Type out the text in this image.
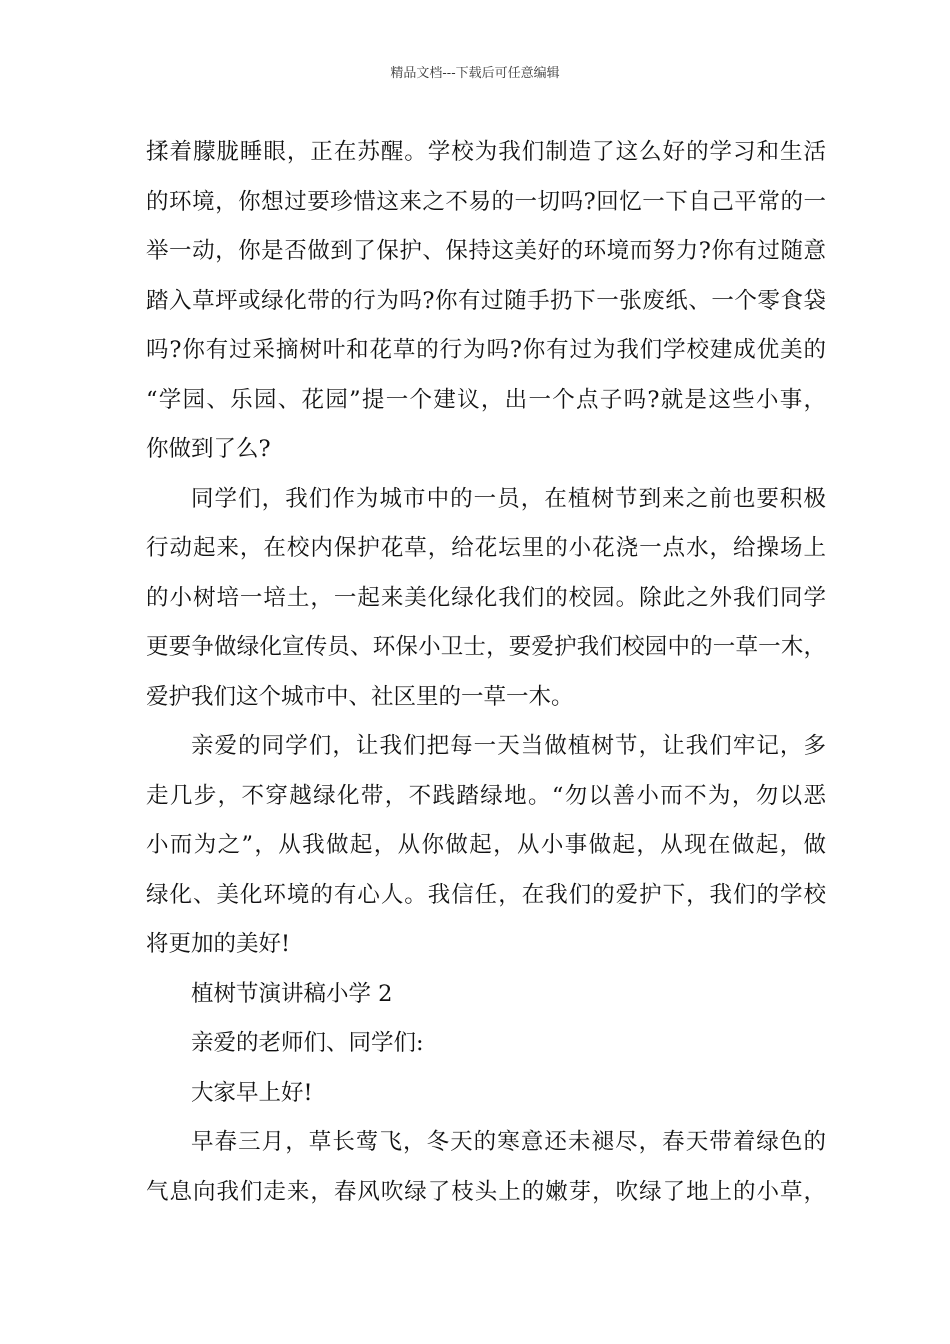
精品文档---下载后可任意编辑
揉着朦胧睡眼，正在苏醒。学校为我们制造了这么好的学习和生活
的环境，你想过要珍惜这来之不易的一切吗?回忆一下自己平常的一
举一动，你是否做到了保护、保持这美好的环境而努力?你有过随意
踏入草坪或绿化带的行为吗?你有过随手扔下一张废纸、一个零食袋
吗?你有过采摘树叶和花草的行为吗?你有过为我们学校建成优美的
“学园、乐园、花园”提一个建议，出一个点子吗?就是这些小事，
你做到了么?
同学们，我们作为城市中的一员，在植树节到来之前也要积极
行动起来，在校内保护花草，给花坛里的小花浇一点水，给操场上
的小树培一培土，一起来美化绿化我们的校园。除此之外我们同学
更要争做绿化宣传员、环保小卫士，要爱护我们校园中的一草一木，
爱护我们这个城市中、社区里的一草一木。
亲爱的同学们，让我们把每一天当做植树节，让我们牢记，多
走几步，不穿越绿化带，不践踏绿地。“勿以善小而不为，勿以恶
小而为之”，从我做起，从你做起，从小事做起，从现在做起，做
绿化、美化环境的有心人。我信任，在我们的爱护下，我们的学校
将更加的美好!
植树节演讲稿小学 2
亲爱的老师们、同学们:
大家早上好!
早春三月，草长莺飞，冬天的寒意还未褪尽，春天带着绿色的
气息向我们走来，春风吹绿了枝头上的嫩芽，吹绿了地上的小草，
